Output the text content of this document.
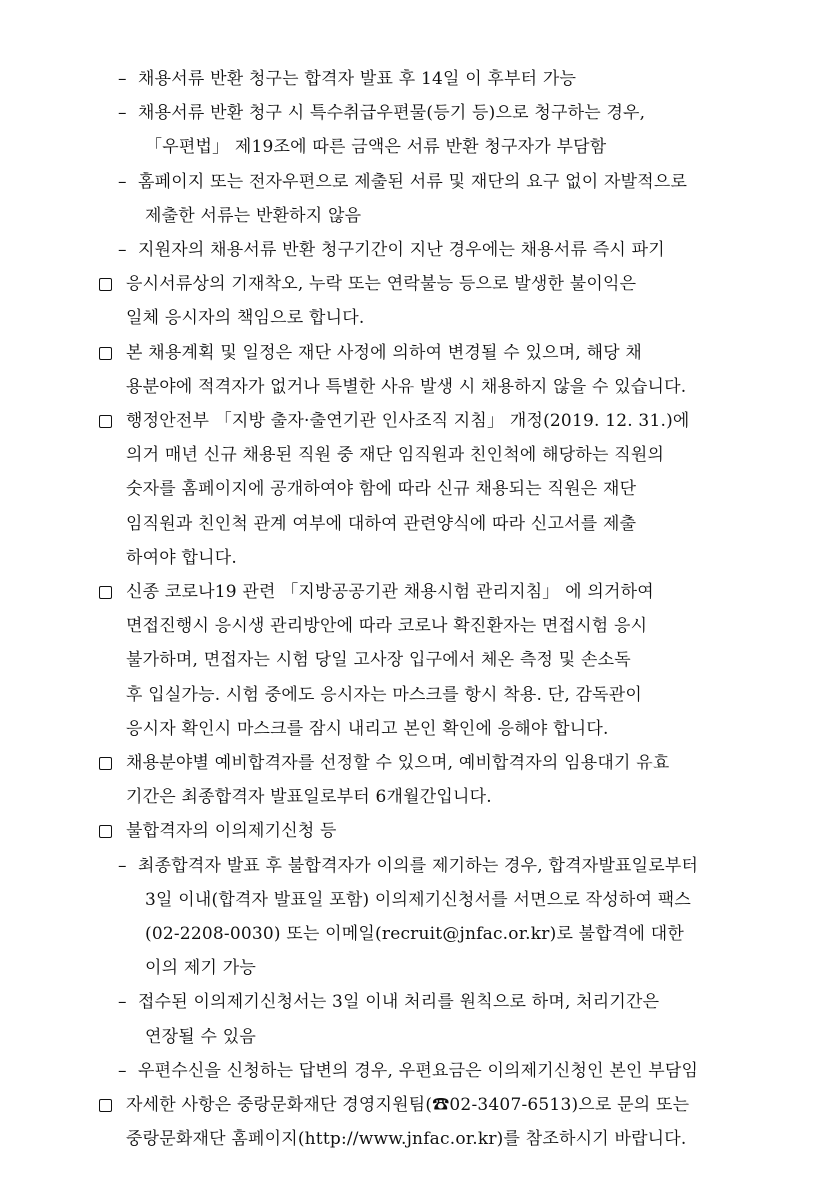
– 채용서류 반환 청구는 합격자 발표 후 14일 이 후부터 가능
– 채용서류 반환 청구 시 특수취급우편물(등기 등)으로 청구하는 경우,
「우편법」 제19조에 따른 금액은 서류 반환 청구자가 부담함
– 홈페이지 또는 전자우편으로 제출된 서류 및 재단의 요구 없이 자발적으로
제출한 서류는 반환하지 않음
– 지원자의 채용서류 반환 청구기간이 지난 경우에는 채용서류 즉시 파기
응시서류상의 기재착오, 누락 또는 연락불능 등으로 발생한 불이익은
일체 응시자의 책임으로 합니다.
본 채용계획 및 일정은 재단 사정에 의하여 변경될 수 있으며, 해당 채
용분야에 적격자가 없거나 특별한 사유 발생 시 채용하지 않을 수 있습니다.
행정안전부 「지방 출자·출연기관 인사조직 지침」 개정(2019. 12. 31.)에
의거 매년 신규 채용된 직원 중 재단 임직원과 친인척에 해당하는 직원의
숫자를 홈페이지에 공개하여야 함에 따라 신규 채용되는 직원은 재단
임직원과 친인척 관계 여부에 대하여 관련양식에 따라 신고서를 제출
하여야 합니다.
신종 코로나19 관련 「지방공공기관 채용시험 관리지침」 에 의거하여
면접진행시 응시생 관리방안에 따라 코로나 확진환자는 면접시험 응시
불가하며, 면접자는 시험 당일 고사장 입구에서 체온 측정 및 손소독
후 입실가능. 시험 중에도 응시자는 마스크를 항시 착용. 단, 감독관이
응시자 확인시 마스크를 잠시 내리고 본인 확인에 응해야 합니다.
채용분야별 예비합격자를 선정할 수 있으며, 예비합격자의 임용대기 유효
기간은 최종합격자 발표일로부터 6개월간입니다.
불합격자의 이의제기신청 등
– 최종합격자 발표 후 불합격자가 이의를 제기하는 경우, 합격자발표일로부터
3일 이내(합격자 발표일 포함) 이의제기신청서를 서면으로 작성하여 팩스
(02-2208-0030) 또는 이메일(recruit@jnfac.or.kr)로 불합격에 대한
이의 제기 가능
– 접수된 이의제기신청서는 3일 이내 처리를 원칙으로 하며, 처리기간은
연장될 수 있음
– 우편수신을 신청하는 답변의 경우, 우편요금은 이의제기신청인 본인 부담임
자세한 사항은 중랑문화재단 경영지원팀(☎02-3407-6513)으로 문의 또는
중랑문화재단 홈페이지(http://www.jnfac.or.kr)를 참조하시기 바랍니다.
